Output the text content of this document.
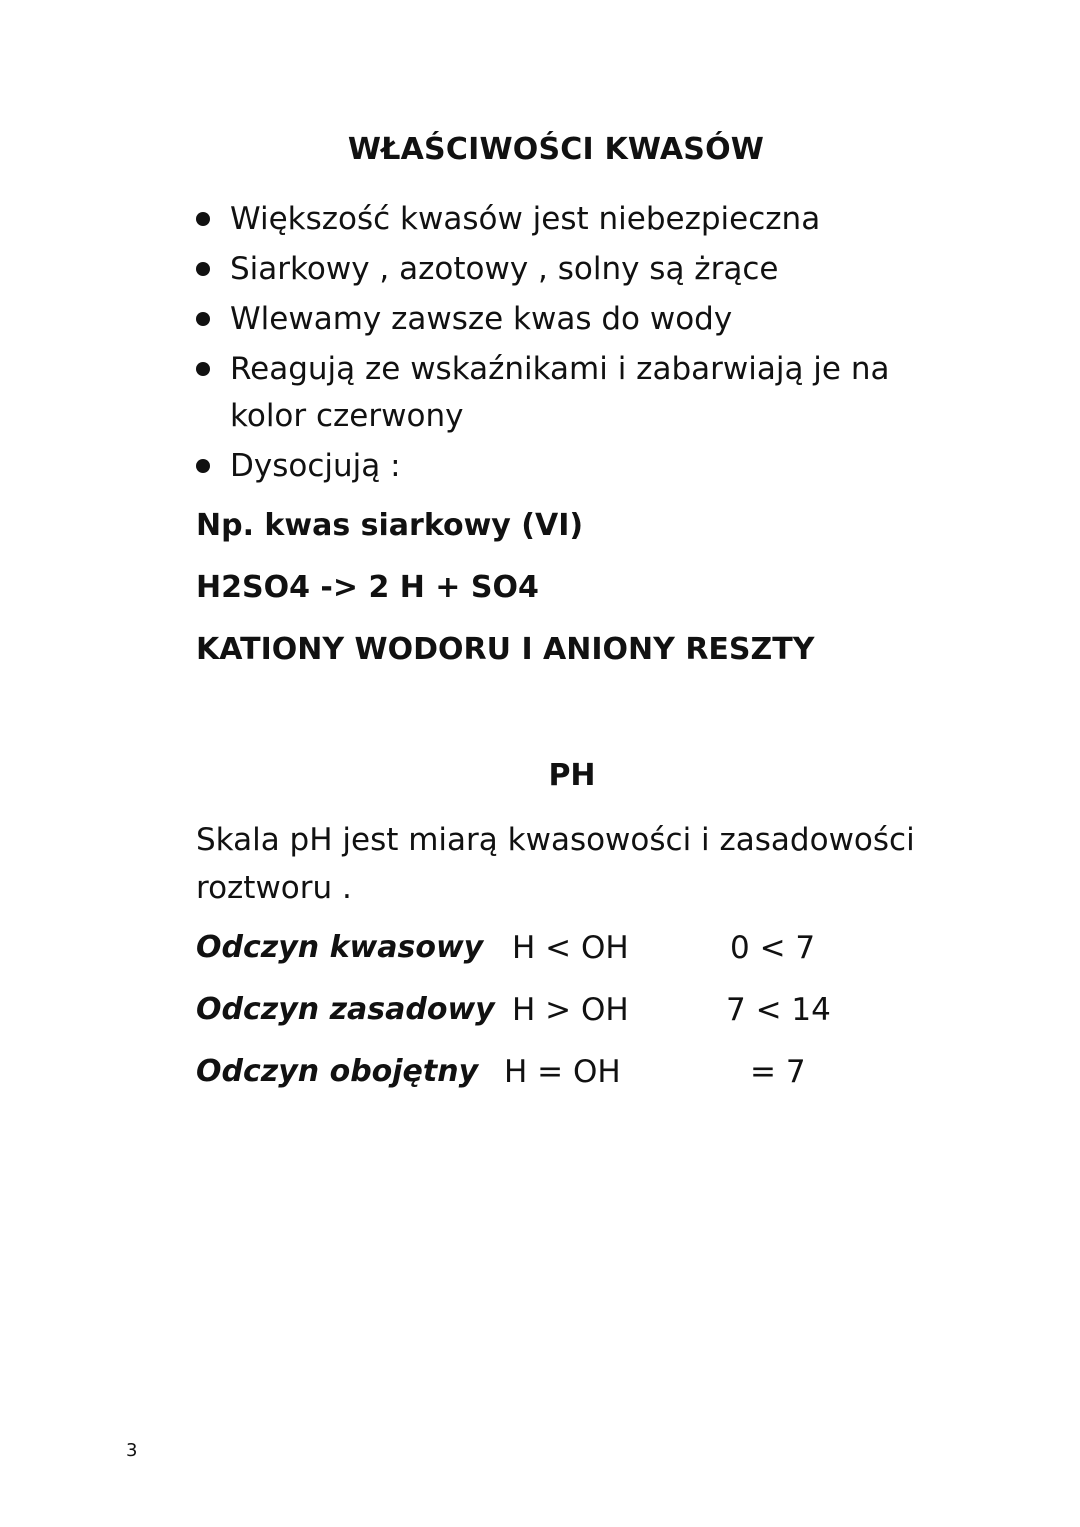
WŁAŚCIWOŚCI KWASÓW
Większość kwasów jest niebezpieczna
Siarkowy , azotowy , solny są żrące
Wlewamy zawsze kwas do wody
Reagują ze wskaźnikami i zabarwiają je na kolor czerwony
Dysocjują :
Np. kwas siarkowy (VI)
H2SO4 -> 2 H + SO4
KATIONY WODORU I ANIONY RESZTY
PH
Skala pH jest miarą kwasowości i zasadowości roztworu .
Odczyn kwasowy H < OH	0 < 7
Odczyn zasadowy H > OH	7 < 14
Odczyn obojętny H = OH	= 7
3
